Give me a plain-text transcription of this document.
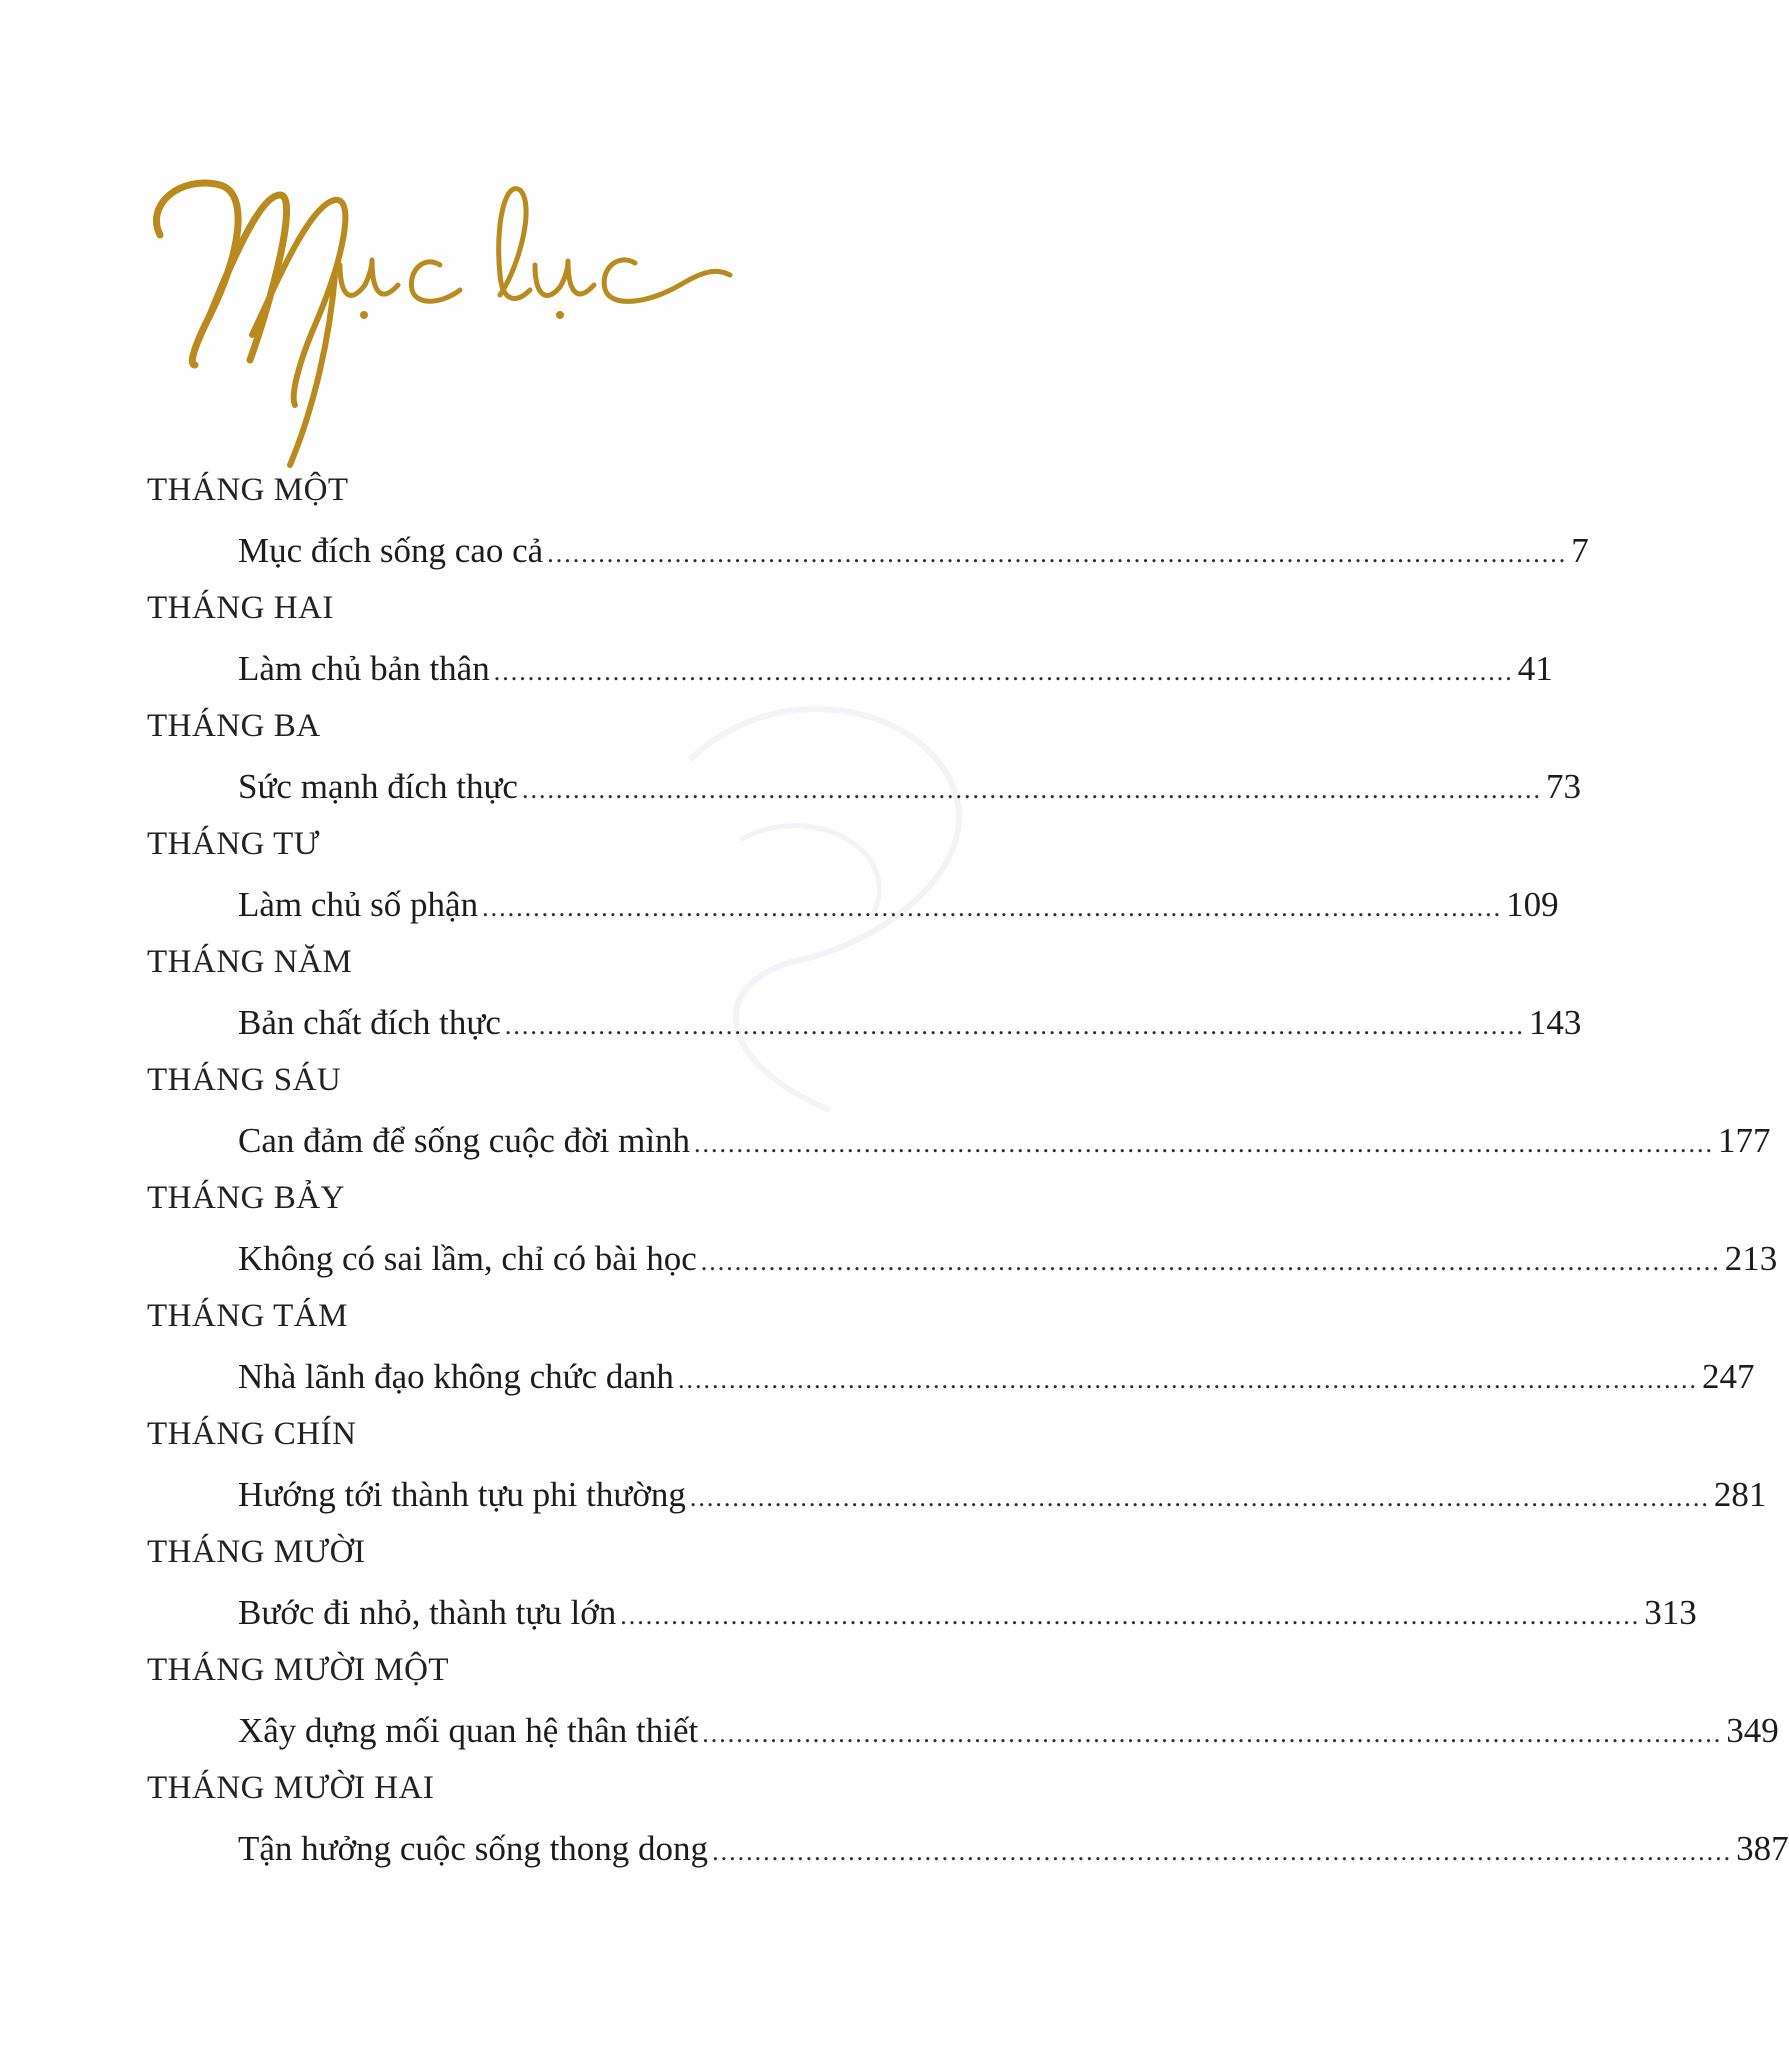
THÁNG MỘT
Mục đích sống cao cả ........................................................................................................................ 7
THÁNG HAI
Làm chủ bản thân ........................................................................................................................ 41
THÁNG BA
Sức mạnh đích thực ........................................................................................................................ 73
THÁNG TƯ
Làm chủ số phận ........................................................................................................................ 109
THÁNG NĂM
Bản chất đích thực ........................................................................................................................ 143
THÁNG SÁU
Can đảm để sống cuộc đời mình ........................................................................................................................ 177
THÁNG BẢY
Không có sai lầm, chỉ có bài học ........................................................................................................................ 213
THÁNG TÁM
Nhà lãnh đạo không chức danh ........................................................................................................................ 247
THÁNG CHÍN
Hướng tới thành tựu phi thường ........................................................................................................................ 281
THÁNG MƯỜI
Bước đi nhỏ, thành tựu lớn ........................................................................................................................ 313
THÁNG MƯỜI MỘT
Xây dựng mối quan hệ thân thiết ........................................................................................................................ 349
THÁNG MƯỜI HAI
Tận hưởng cuộc sống thong dong ........................................................................................................................ 387
